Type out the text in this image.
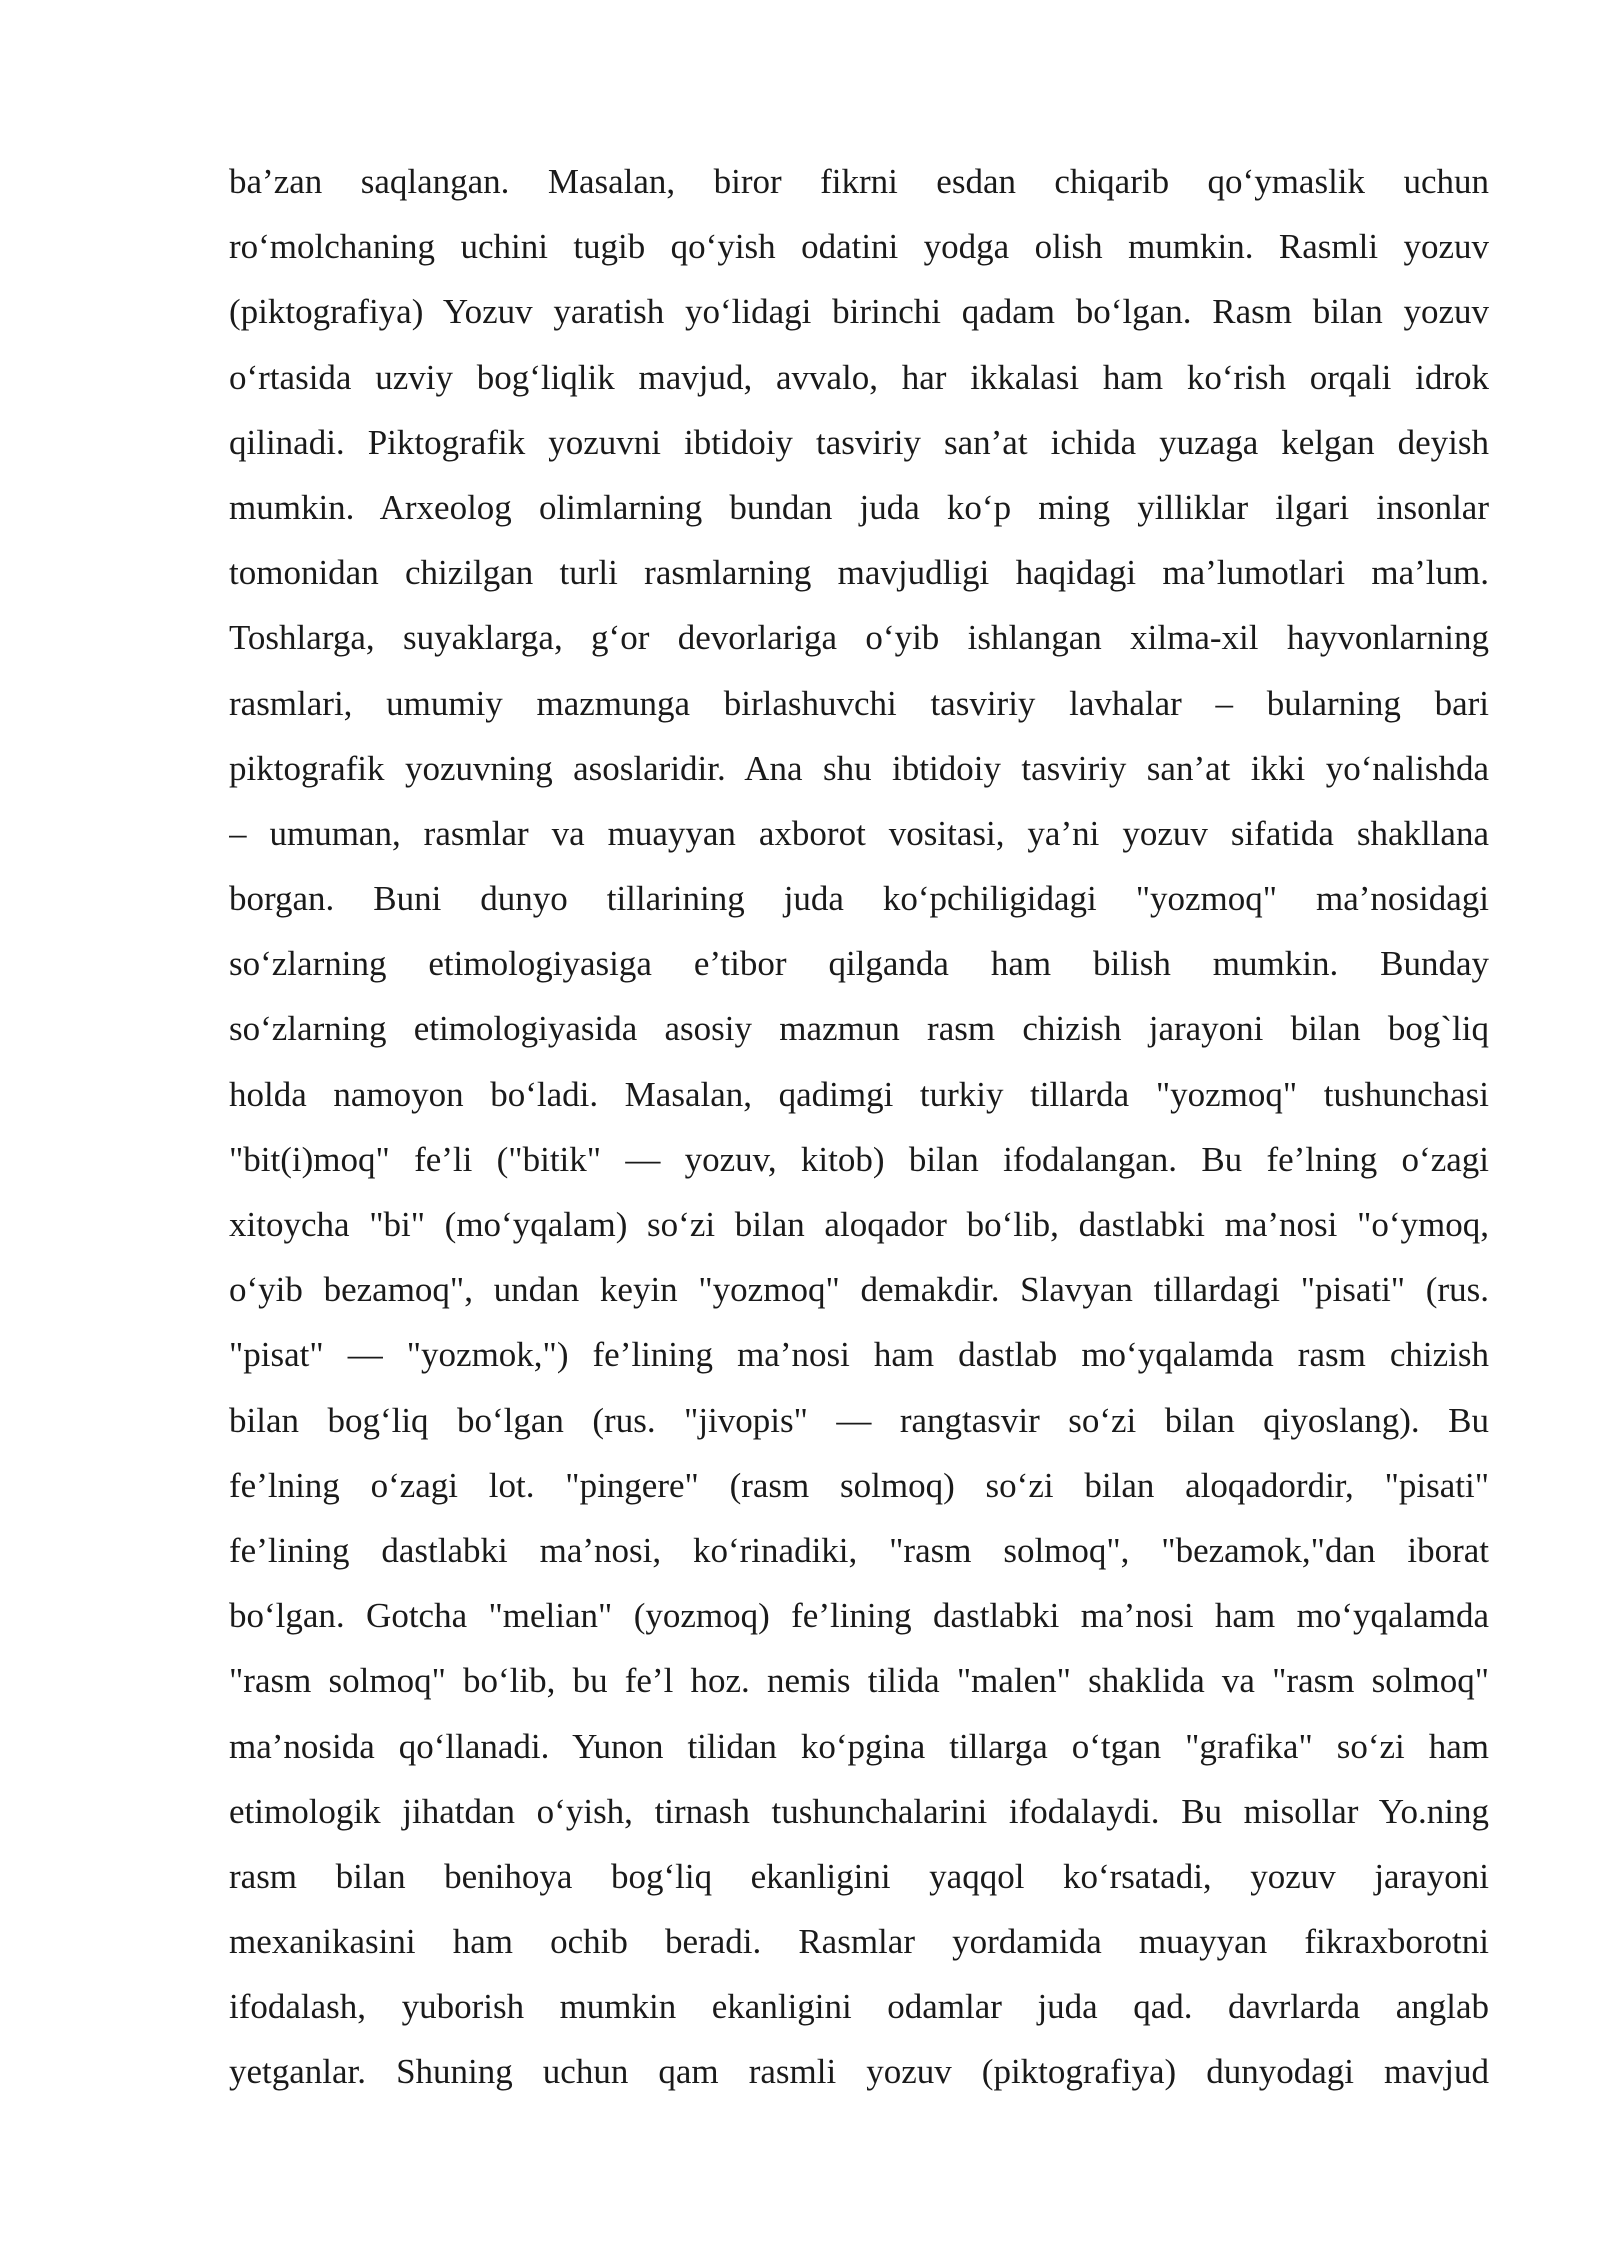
ba’zan saqlangan. Masalan, biror fikrni esdan chiqarib qo‘ymaslik uchun
ro‘molchaning uchini tugib qo‘yish odatini yodga olish mumkin. Rasmli yozuv
(piktografiya) Yozuv yaratish yo‘lidagi birinchi qadam bo‘lgan. Rasm bilan yozuv
o‘rtasida uzviy bog‘liqlik mavjud, avvalo, har ikkalasi ham ko‘rish orqali idrok
qilinadi. Piktografik yozuvni ibtidoiy tasviriy san’at ichida yuzaga kelgan deyish
mumkin. Arxeolog olimlarning bundan juda ko‘p ming yilliklar ilgari insonlar
tomonidan chizilgan turli rasmlarning mavjudligi haqidagi ma’lumotlari ma’lum.
Toshlarga, suyaklarga, g‘or devorlariga o‘yib ishlangan xilma-xil hayvonlarning
rasmlari, umumiy mazmunga birlashuvchi tasviriy lavhalar – bularning bari
piktografik yozuvning asoslaridir. Ana shu ibtidoiy tasviriy san’at ikki yo‘nalishda
– umuman, rasmlar va muayyan axborot vositasi, ya’ni yozuv sifatida shakllana
borgan. Buni dunyo tillarining juda ko‘pchiligidagi "yozmoq" ma’nosidagi
so‘zlarning etimologiyasiga e’tibor qilganda ham bilish mumkin. Bunday
so‘zlarning etimologiyasida asosiy mazmun rasm chizish jarayoni bilan bog`liq
holda namoyon bo‘ladi. Masalan, qadimgi turkiy tillarda "yozmoq" tushunchasi
"bit(i)moq" fe’li ("bitik" — yozuv, kitob) bilan ifodalangan. Bu fe’lning o‘zagi
xitoycha "bi" (mo‘yqalam) so‘zi bilan aloqador bo‘lib, dastlabki ma’nosi "o‘ymoq,
o‘yib bezamoq", undan keyin "yozmoq" demakdir. Slavyan tillardagi "pisati" (rus.
"pisat" — "yozmok,") fe’lining ma’nosi ham dastlab mo‘yqalamda rasm chizish
bilan bog‘liq bo‘lgan (rus. "jivopis" — rangtasvir so‘zi bilan qiyoslang). Bu
fe’lning o‘zagi lot. "pingere" (rasm solmoq) so‘zi bilan aloqadordir, "pisati"
fe’lining dastlabki ma’nosi, ko‘rinadiki, "rasm solmoq", "bezamok,"dan iborat
bo‘lgan. Gotcha "melian" (yozmoq) fe’lining dastlabki ma’nosi ham mo‘yqalamda
"rasm solmoq" bo‘lib, bu fe’l hoz. nemis tilida "malen" shaklida va "rasm solmoq"
ma’nosida qo‘llanadi. Yunon tilidan ko‘pgina tillarga o‘tgan "grafika" so‘zi ham
etimologik jihatdan o‘yish, tirnash tushunchalarini ifodalaydi. Bu misollar Yo.ning
rasm bilan benihoya bog‘liq ekanligini yaqqol ko‘rsatadi, yozuv jarayoni
mexanikasini ham ochib beradi. Rasmlar yordamida muayyan fikraxborotni
ifodalash, yuborish mumkin ekanligini odamlar juda qad. davrlarda anglab
yetganlar. Shuning uchun qam rasmli yozuv (piktografiya) dunyodagi mavjud
